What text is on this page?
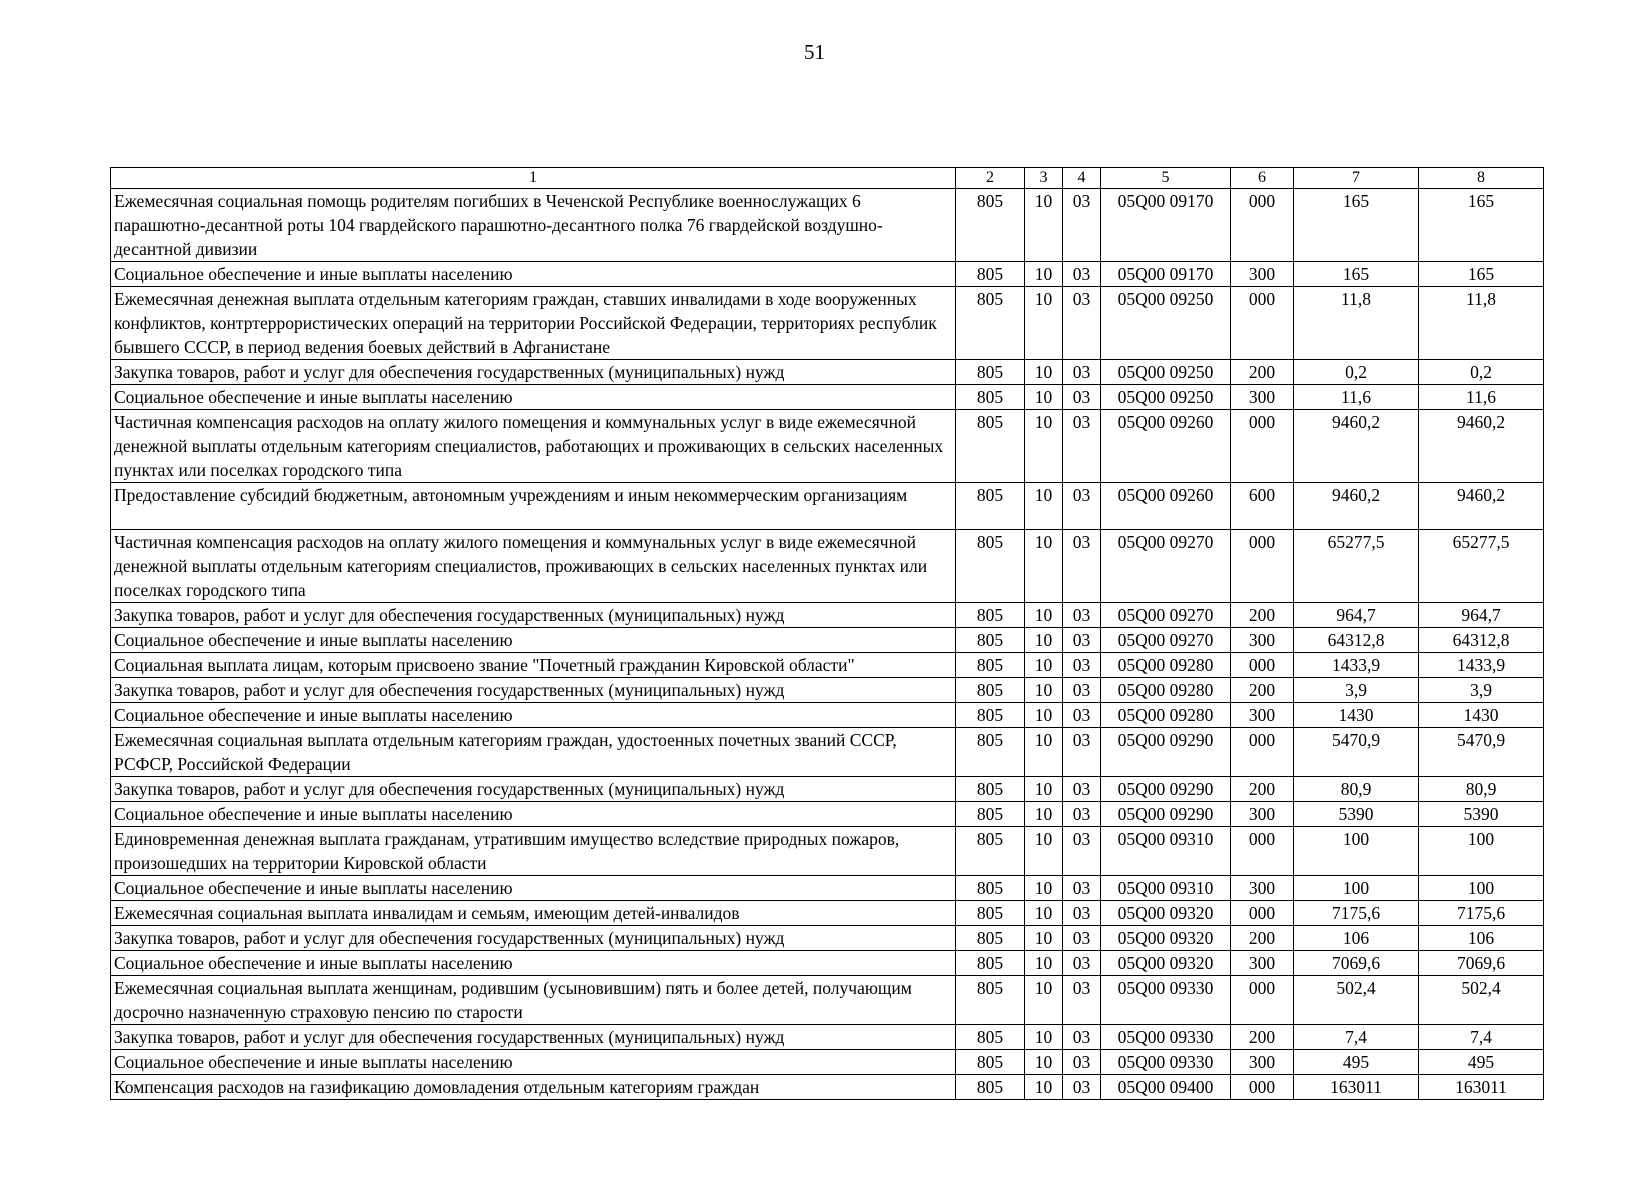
51
1	2	3	4	5	6	7	8
Ежемесячная социальная помощь родителям погибших в Чеченской Республике военнослужащих 6 парашютно-десантной роты 104 гвардейского парашютно-десантного полка 76 гвардейской воздушно-десантной дивизии	805	10	03	05Q00 09170	000	165	165
Социальное обеспечение и иные выплаты населению	805	10	03	05Q00 09170	300	165	165
Ежемесячная денежная выплата отдельным категориям граждан, ставших инвалидами в ходе вооруженных конфликтов, контртеррористических операций на территории Российской Федерации, территориях республик бывшего СССР, в период ведения боевых действий в Афганистане	805	10	03	05Q00 09250	000	11,8	11,8
Закупка товаров, работ и услуг для обеспечения государственных (муниципальных) нужд	805	10	03	05Q00 09250	200	0,2	0,2
Социальное обеспечение и иные выплаты населению	805	10	03	05Q00 09250	300	11,6	11,6
Частичная компенсация расходов на оплату жилого помещения и коммунальных услуг в виде ежемесячной денежной выплаты отдельным категориям специалистов, работающих и проживающих в сельских населенных пунктах или поселках городского типа	805	10	03	05Q00 09260	000	9460,2	9460,2
Предоставление субсидий бюджетным, автономным учреждениям и иным некоммерческим организациям	805	10	03	05Q00 09260	600	9460,2	9460,2
Частичная компенсация расходов на оплату жилого помещения и коммунальных услуг в виде ежемесячной денежной выплаты отдельным категориям специалистов, проживающих в сельских населенных пунктах или поселках городского типа	805	10	03	05Q00 09270	000	65277,5	65277,5
Закупка товаров, работ и услуг для обеспечения государственных (муниципальных) нужд	805	10	03	05Q00 09270	200	964,7	964,7
Социальное обеспечение и иные выплаты населению	805	10	03	05Q00 09270	300	64312,8	64312,8
Социальная выплата лицам, которым присвоено звание "Почетный гражданин Кировской области"	805	10	03	05Q00 09280	000	1433,9	1433,9
Закупка товаров, работ и услуг для обеспечения государственных (муниципальных) нужд	805	10	03	05Q00 09280	200	3,9	3,9
Социальное обеспечение и иные выплаты населению	805	10	03	05Q00 09280	300	1430	1430
Ежемесячная социальная выплата отдельным категориям граждан, удостоенных почетных званий СССР, РСФСР, Российской Федерации	805	10	03	05Q00 09290	000	5470,9	5470,9
Закупка товаров, работ и услуг для обеспечения государственных (муниципальных) нужд	805	10	03	05Q00 09290	200	80,9	80,9
Социальное обеспечение и иные выплаты населению	805	10	03	05Q00 09290	300	5390	5390
Единовременная денежная выплата гражданам, утратившим имущество вследствие природных пожаров, произошедших на территории Кировской области	805	10	03	05Q00 09310	000	100	100
Социальное обеспечение и иные выплаты населению	805	10	03	05Q00 09310	300	100	100
Ежемесячная социальная выплата инвалидам и семьям, имеющим детей-инвалидов	805	10	03	05Q00 09320	000	7175,6	7175,6
Закупка товаров, работ и услуг для обеспечения государственных (муниципальных) нужд	805	10	03	05Q00 09320	200	106	106
Социальное обеспечение и иные выплаты населению	805	10	03	05Q00 09320	300	7069,6	7069,6
Ежемесячная социальная выплата женщинам, родившим (усыновившим) пять и более детей, получающим досрочно назначенную страховую пенсию по старости	805	10	03	05Q00 09330	000	502,4	502,4
Закупка товаров, работ и услуг для обеспечения государственных (муниципальных) нужд	805	10	03	05Q00 09330	200	7,4	7,4
Социальное обеспечение и иные выплаты населению	805	10	03	05Q00 09330	300	495	495
Компенсация расходов на газификацию домовладения отдельным категориям граждан	805	10	03	05Q00 09400	000	163011	163011
